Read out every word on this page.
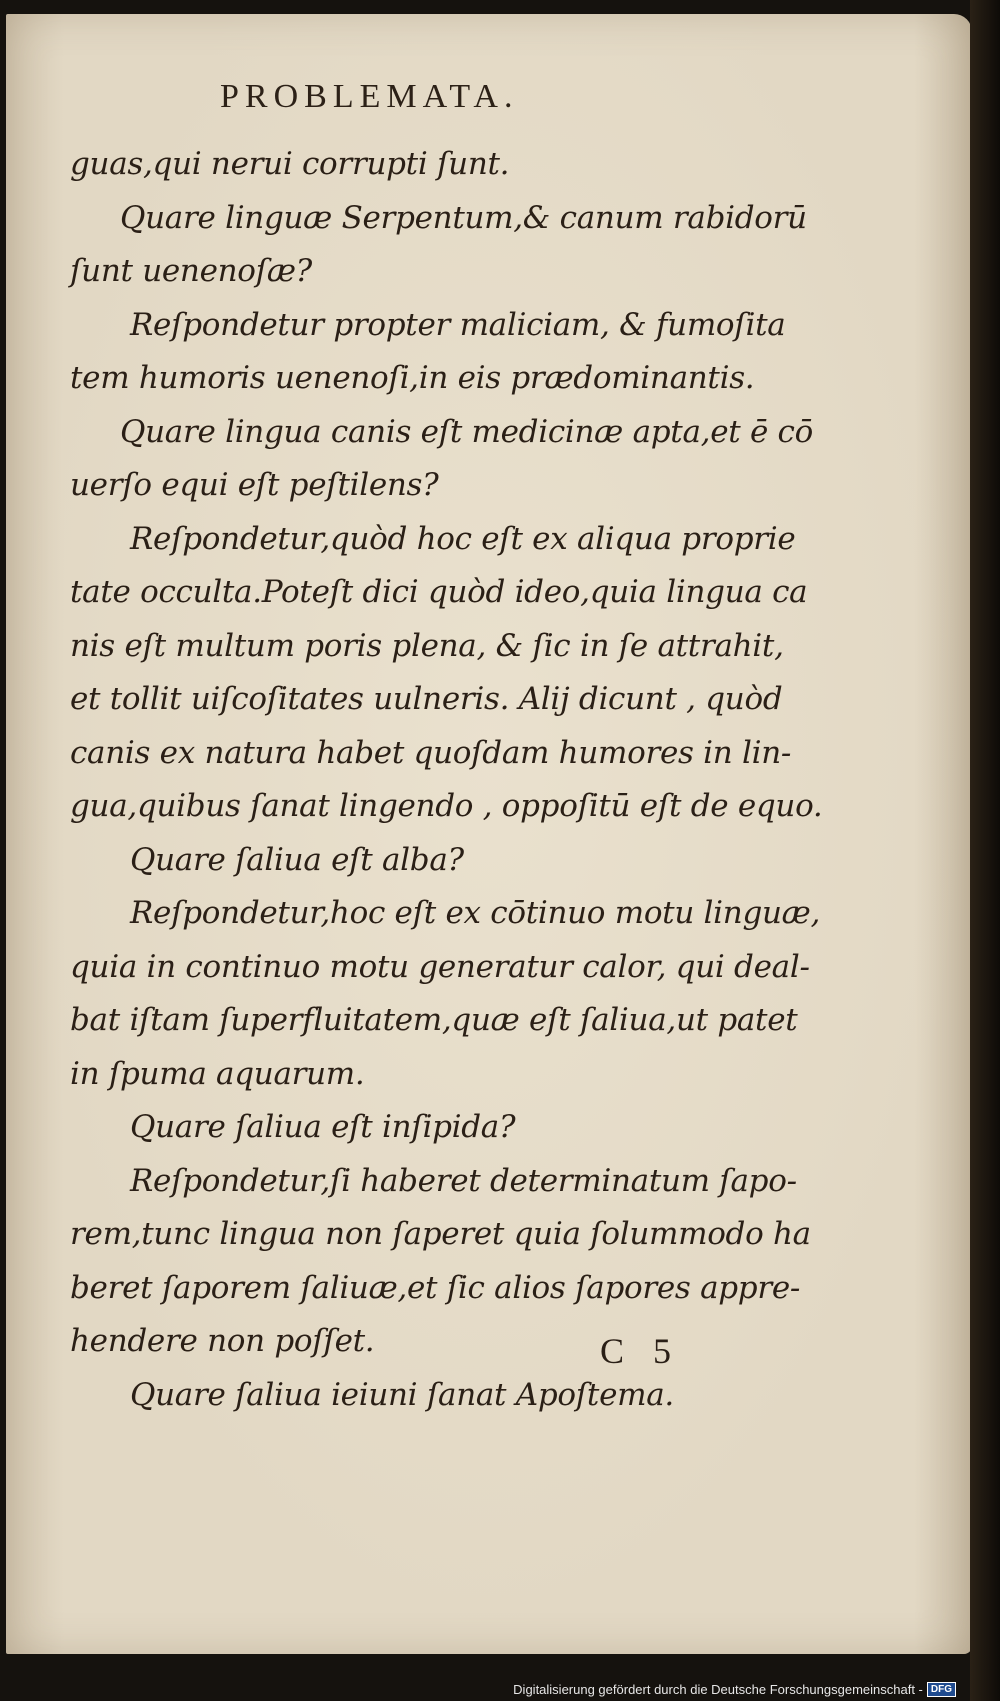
PROBLEMATA.
guas,qui nerui corrupti ſunt.
Quare linguæ Serpentum,& canum rabidorū
ſunt uenenoſæ?
Reſpondetur propter maliciam, & fumoſita
tem humoris uenenoſi,in eis prædominantis.
Quare lingua canis eſt medicinæ apta,et ē cō
uerſo equi eſt peſtilens?
Reſpondetur,quòd hoc eſt ex aliqua proprie
tate occulta.Poteſt dici quòd ideo,quia lingua ca
nis eſt multum poris plena, & ſic in ſe attrahit,
et tollit uiſcoſitates uulneris. Alij dicunt , quòd
canis ex natura habet quoſdam humores in lin-
gua,quibus ſanat lingendo , oppoſitū eſt de equo.
Quare ſaliua eſt alba?
Reſpondetur,hoc eſt ex cōtinuo motu linguæ,
quia in continuo motu generatur calor, qui deal-
bat iſtam ſuperfluitatem,quæ eſt ſaliua,ut patet
in ſpuma aquarum.
Quare ſaliua eſt inſipida?
Reſpondetur,ſi haberet determinatum ſapo-
rem,tunc lingua non ſaperet quia ſolummodo ha
beret ſaporem ſaliuæ,et ſic alios ſapores appre-
hendere non poſſet.
Quare ſaliua ieiuni ſanat Apoſtema.
C 5
Digitalisierung gefördert durch die Deutsche Forschungsgemeinschaft - DFG
